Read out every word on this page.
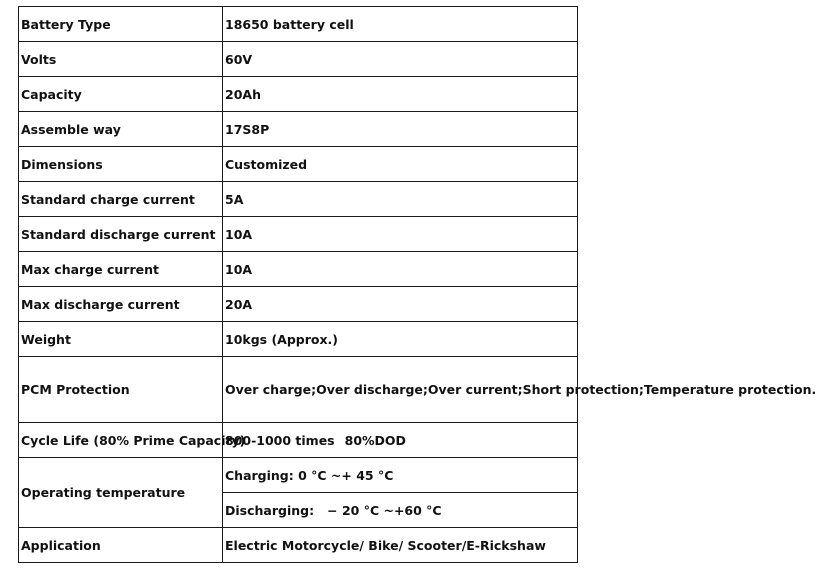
Battery Type	18650 battery cell
Volts	60V
Capacity	20Ah
Assemble way	17S8P
Dimensions	Customized
Standard charge current	5A
Standard discharge current	10A
Max charge current	10A
Max discharge current	20A
Weight	10kgs (Approx.)
PCM Protection	Over charge;Over discharge;Over current;Short protection;Temperature protection.
Cycle Life (80% Prime Capacity)	800-1000 times 80%DOD
Operating temperature	Charging: 0 °C ~+ 45 °C
	Discharging:   − 20 °C ~+60 °C
Application	Electric Motorcycle/ Bike/ Scooter/E-Rickshaw
